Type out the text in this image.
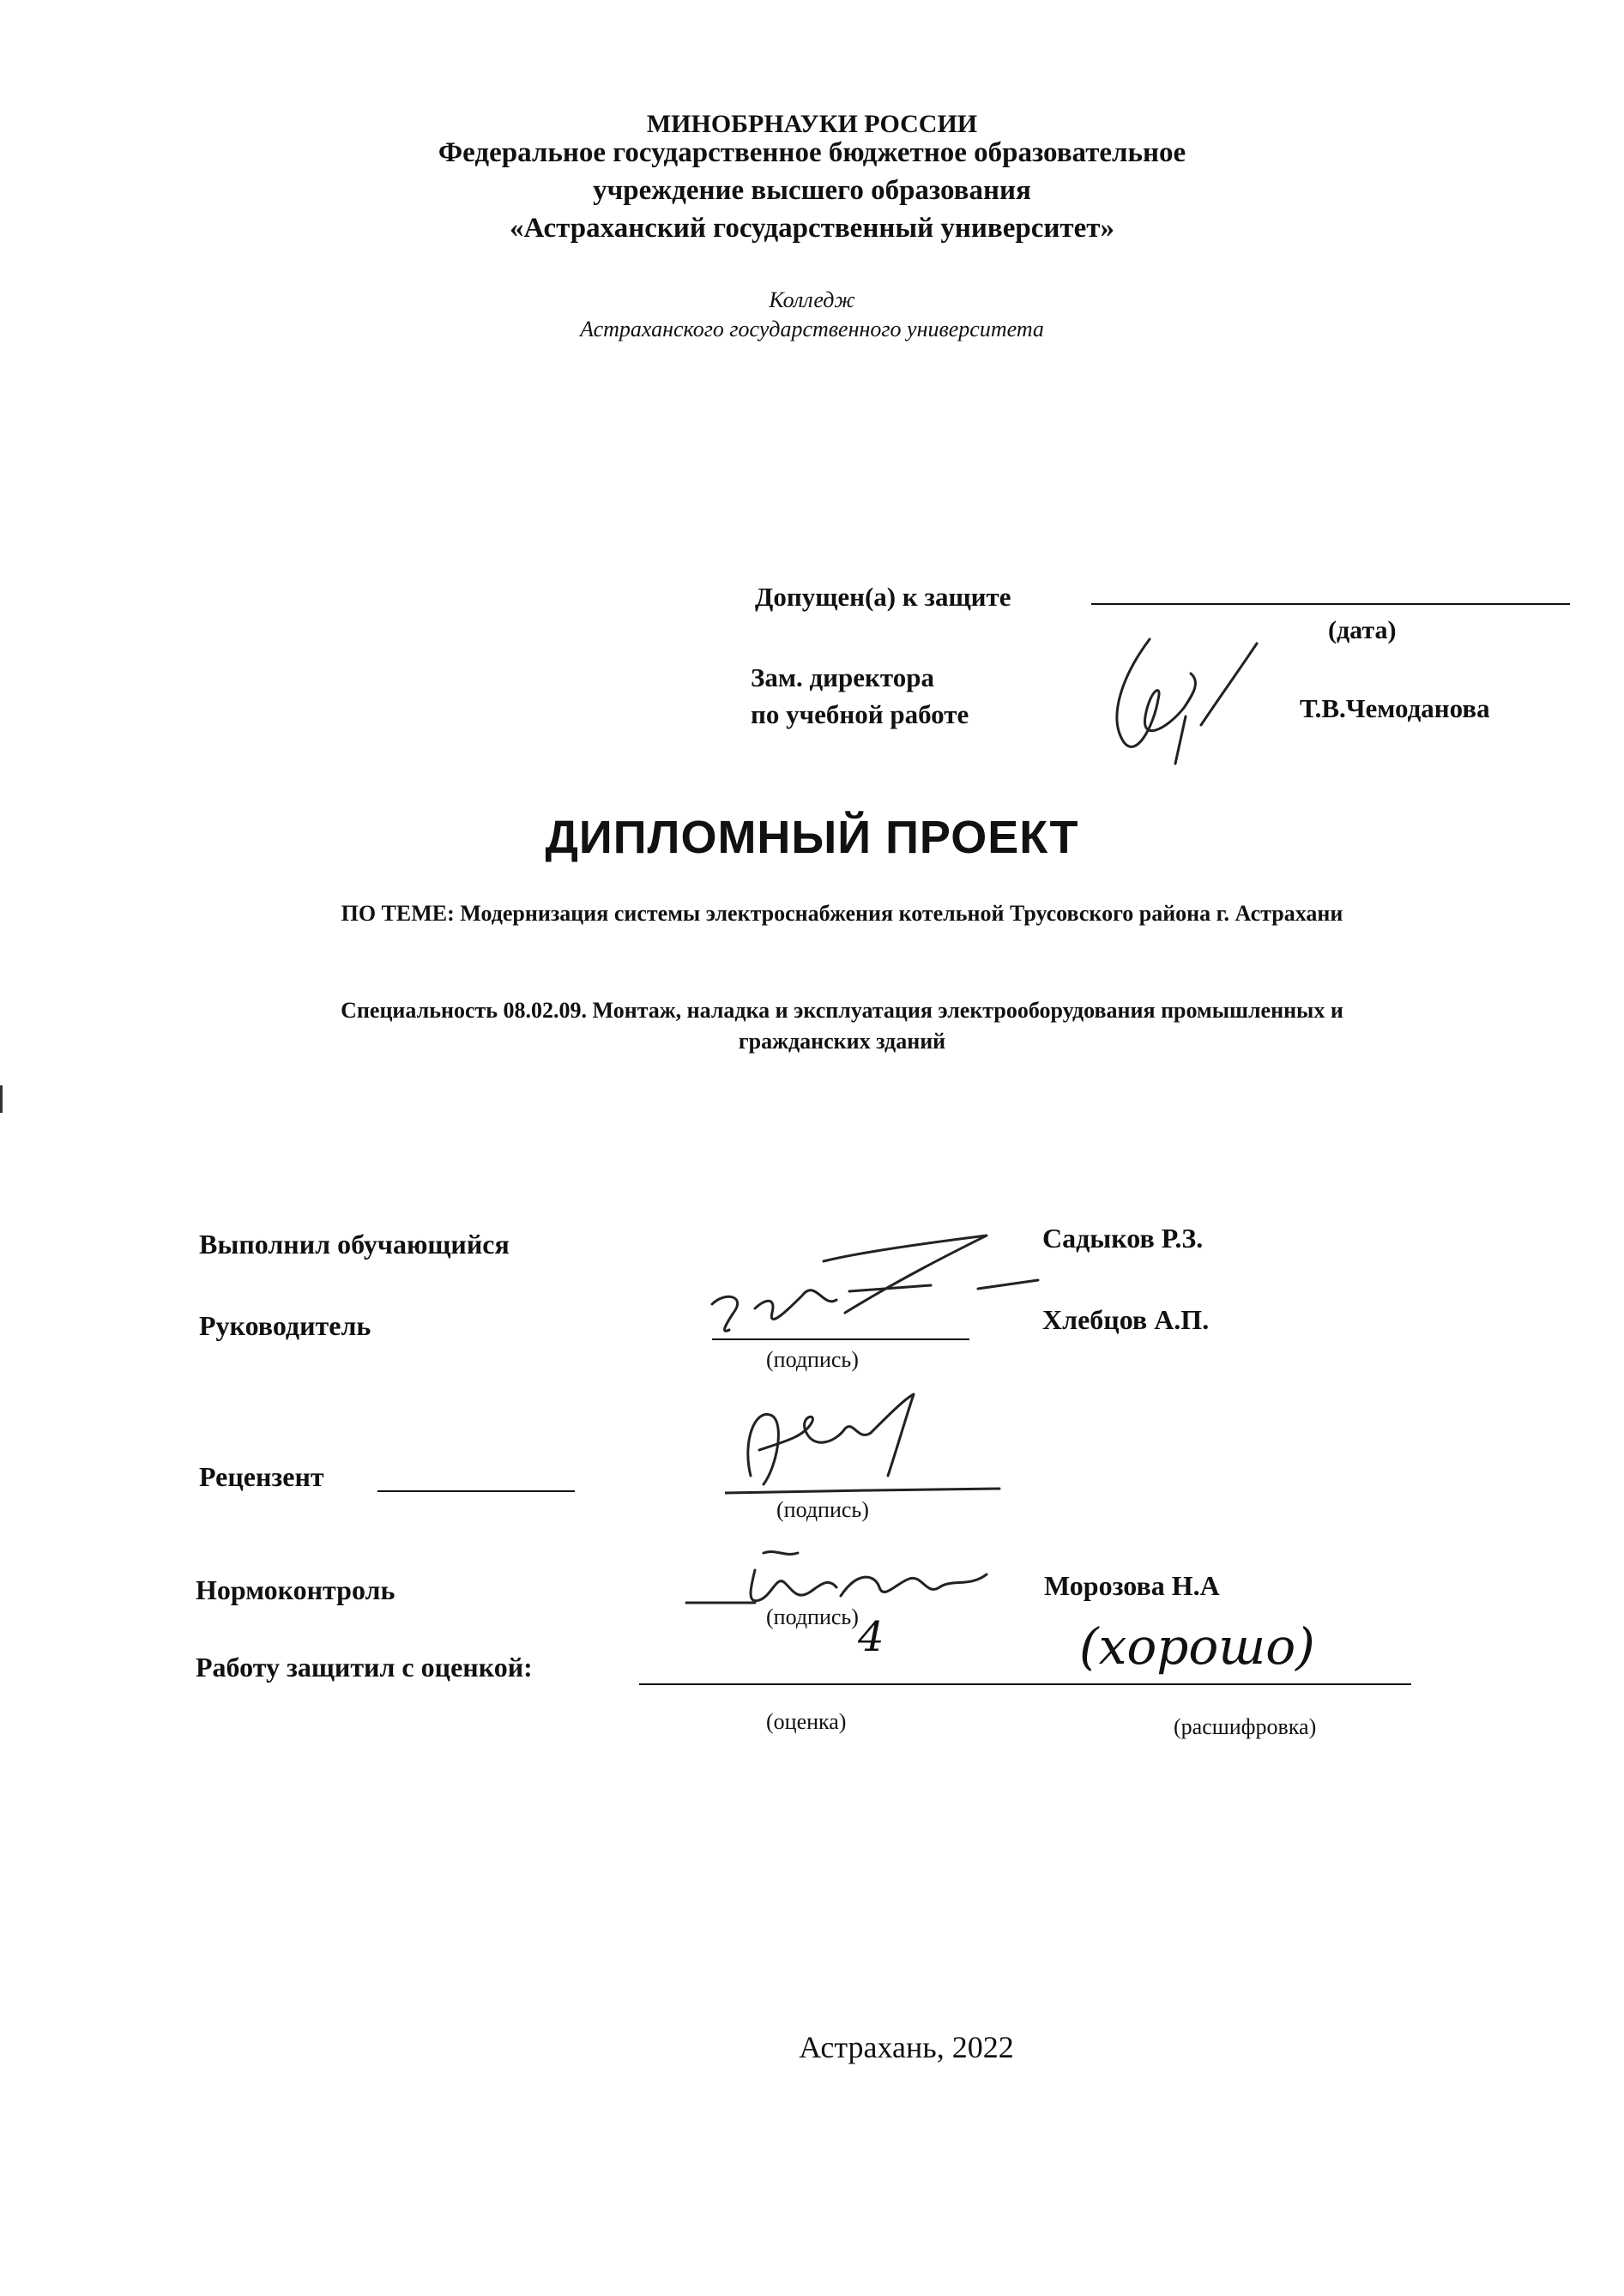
МИНОБРНАУКИ РОССИИ
Федеральное государственное бюджетное образовательное
учреждение высшего образования
«Астраханский государственный университет»
Колледж
Астраханского государственного университета
Допущен(а) к защите
(дата)
Зам. директора
по учебной работе	Т.В.Чемоданова
ДИПЛОМНЫЙ ПРОЕКТ
ПО ТЕМЕ: Модернизация системы электроснабжения котельной Трусовского района г. Астрахани
Специальность 08.02.09. Монтаж, наладка и эксплуатация электрооборудования промышленных и
гражданских зданий
Выполнил обучающийся	Садыков Р.З.
Руководитель	Хлебцов А.П.
(подпись)
Рецензент
(подпись)
Нормоконтроль	Морозова Н.А
(подпись)
Работу защитил с оценкой:
4	(хорошо)
(оценка)	(расшифровка)
Астрахань, 2022
